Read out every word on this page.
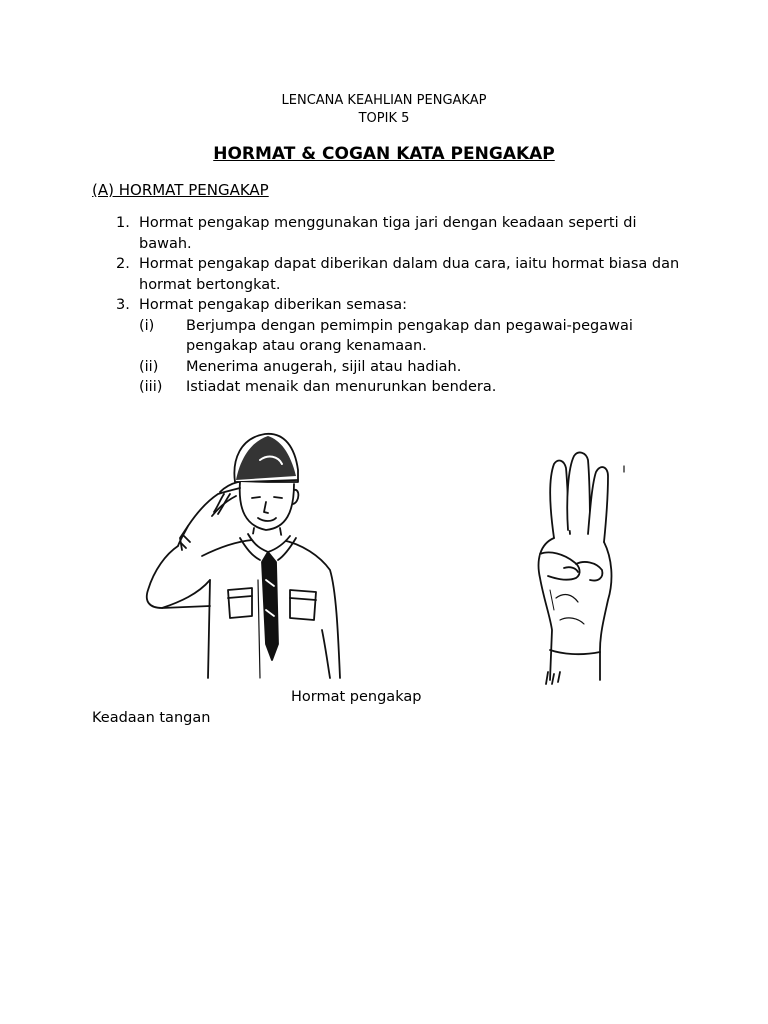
LENCANA KEAHLIAN PENGAKAP
TOPIK 5
HORMAT & COGAN KATA PENGAKAP
(A) HORMAT PENGAKAP
1. Hormat pengakap menggunakan tiga jari dengan keadaan seperti di bawah.
2. Hormat pengakap dapat diberikan dalam dua cara, iaitu hormat biasa dan hormat bertongkat.
3. Hormat pengakap diberikan semasa:
(i) Berjumpa dengan pemimpin pengakap dan pegawai-pegawai pengakap atau orang kenamaan.
(ii) Menerima anugerah, sijil atau hadiah.
(iii) Istiadat menaik dan menurunkan bendera.
Hormat pengakap
Keadaan tangan
